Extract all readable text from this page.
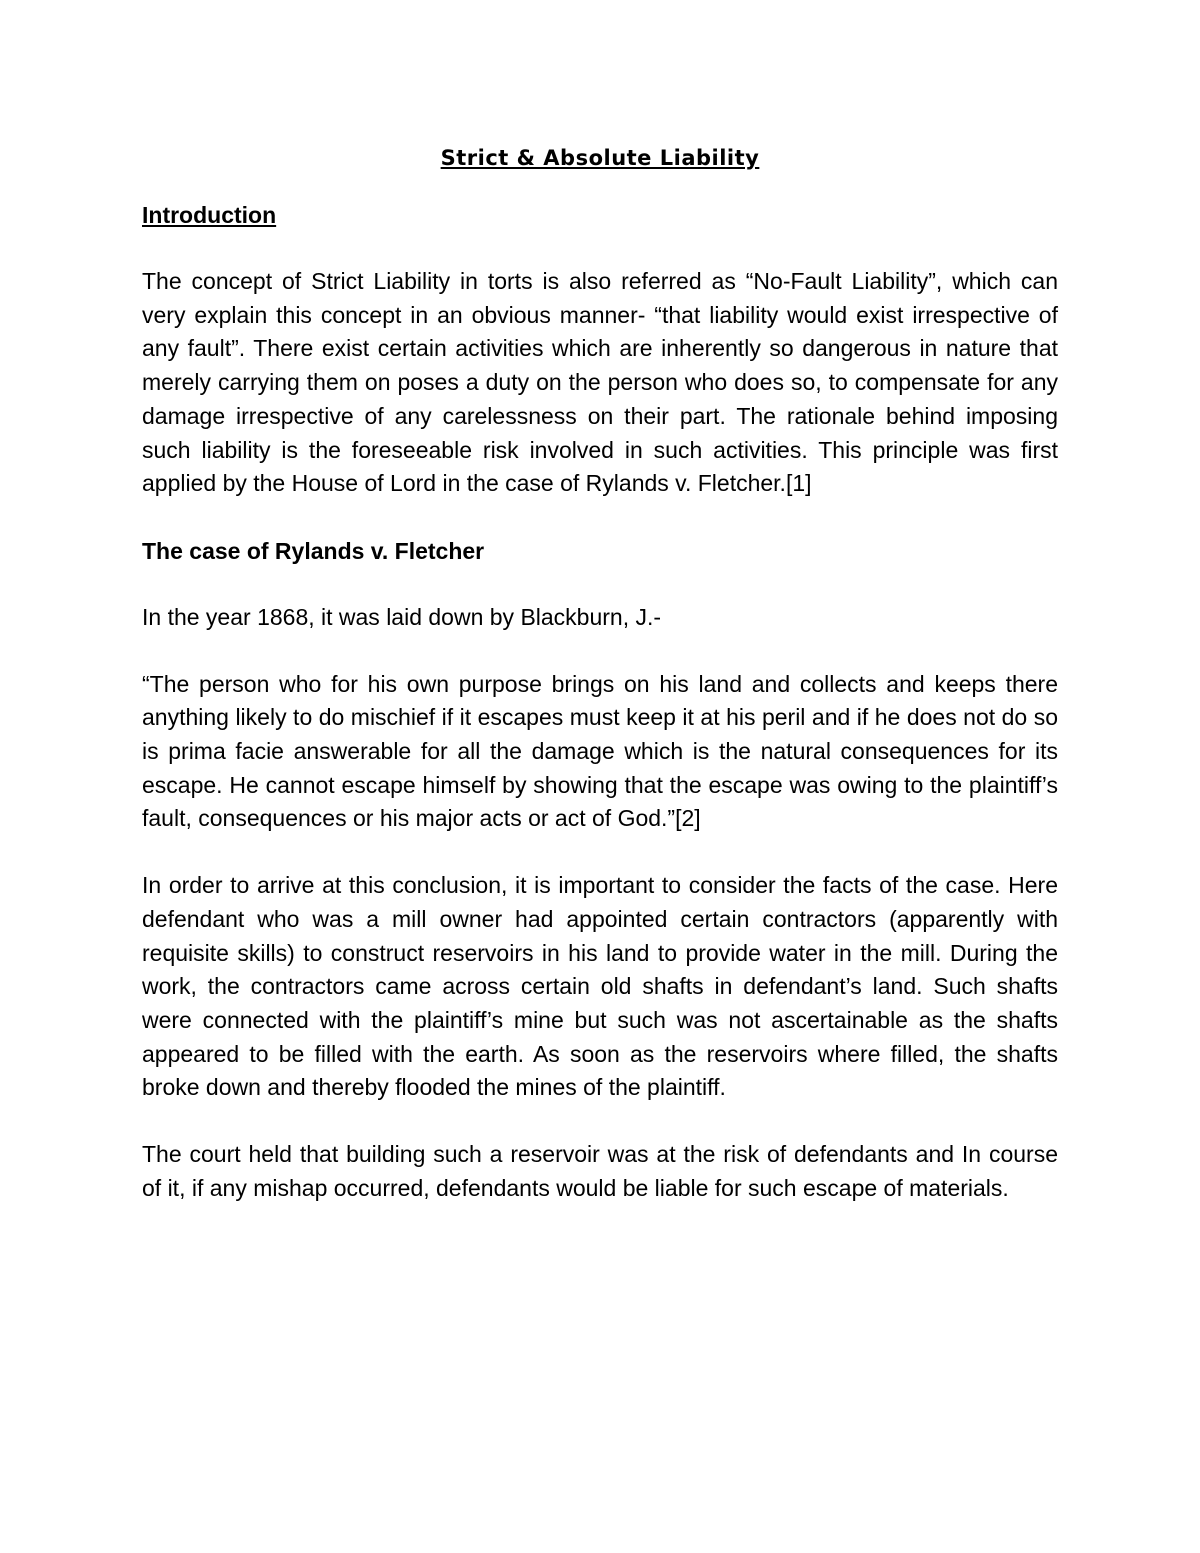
Strict & Absolute Liability
Introduction

The concept of Strict Liability in torts is also referred as “No-Fault Liability”, which can very explain this concept in an obvious manner- “that liability would exist irrespective of any fault”. There exist certain activities which are inherently so dangerous in nature that merely carrying them on poses a duty on the person who does so, to compensate for any damage irrespective of any carelessness on their part. The rationale behind imposing such liability is the foreseeable risk involved in such activities. This principle was first applied by the House of Lord in the case of Rylands v. Fletcher.[1]

The case of Rylands v. Fletcher

In the year 1868, it was laid down by Blackburn, J.-

“The person who for his own purpose brings on his land and collects and keeps there anything likely to do mischief if it escapes must keep it at his peril and if he does not do so is prima facie answerable for all the damage which is the natural consequences for its escape. He cannot escape himself by showing that the escape was owing to the plaintiff’s fault, consequences or his major acts or act of God.”[2]

In order to arrive at this conclusion, it is important to consider the facts of the case. Here defendant who was a mill owner had appointed certain contractors (apparently with requisite skills) to construct reservoirs in his land to provide water in the mill. During the work, the contractors came across certain old shafts in defendant’s land. Such shafts were connected with the plaintiff’s mine but such was not ascertainable as the shafts appeared to be filled with the earth. As soon as the reservoirs where filled, the shafts broke down and thereby flooded the mines of the plaintiff.

The court held that building such a reservoir was at the risk of defendants and In course of it, if any mishap occurred, defendants would be liable for such escape of materials.
